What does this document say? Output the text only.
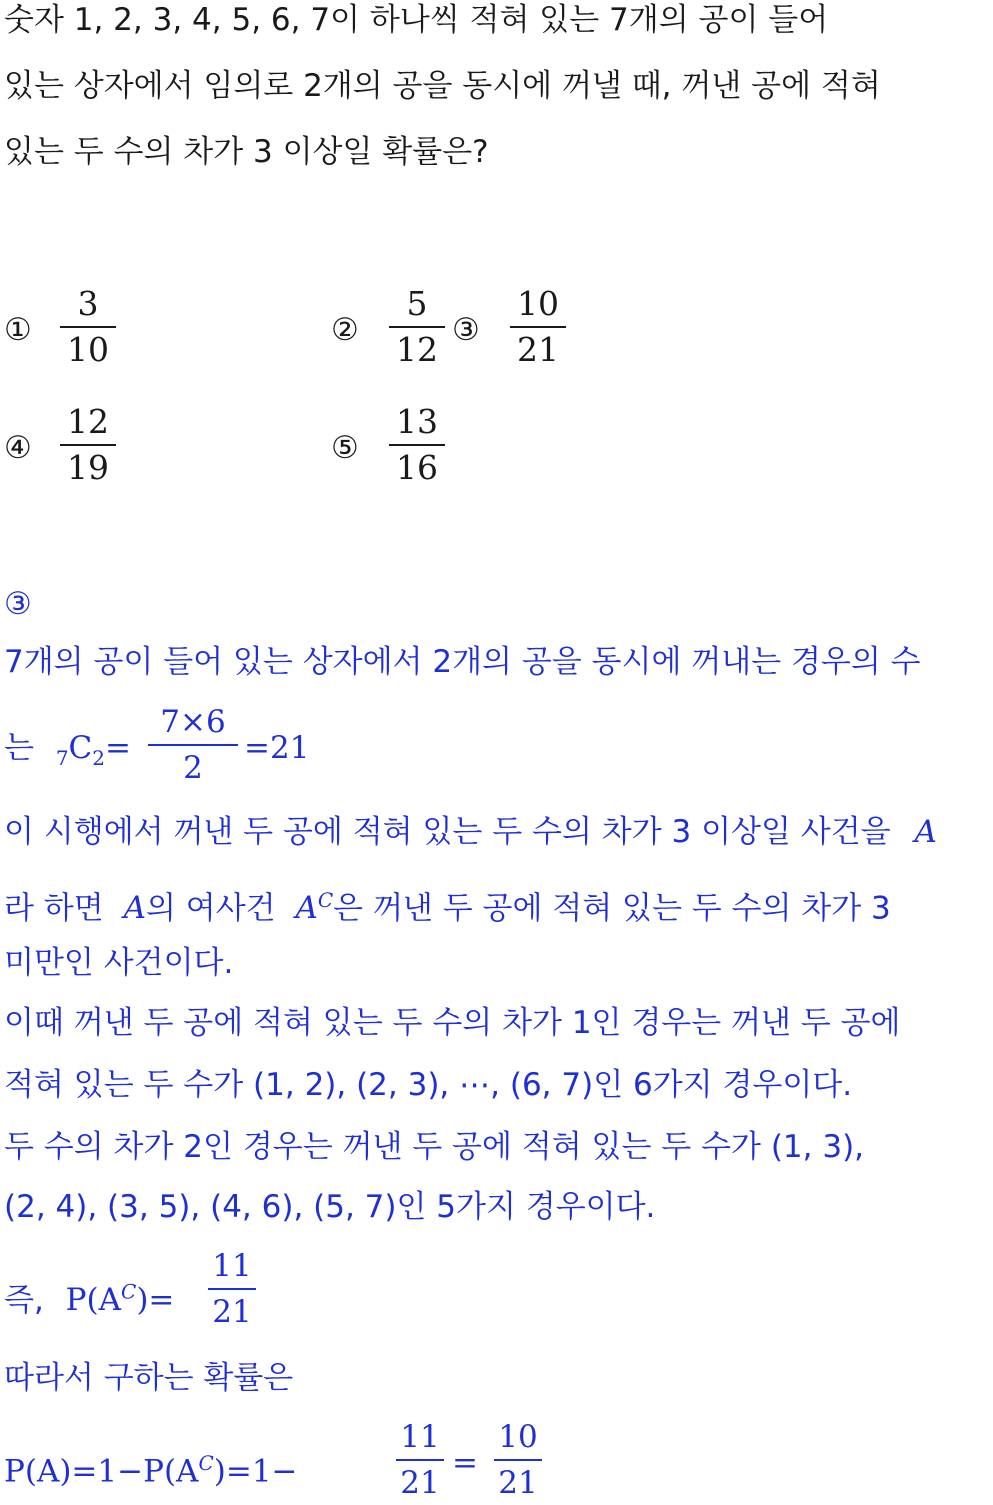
숫자 1, 2, 3, 4, 5, 6, 7이 하나씩 적혀 있는 7개의 공이 들어
있는 상자에서 임의로 2개의 공을 동시에 꺼낼 때, 꺼낸 공에 적혀
있는 두 수의 차가 3 이상일 확률은?
①
3
10	②
5
12 ③
10
21
④
12
19	⑤
13
16
③
7개의 공이 들어 있는 상자에서 2개의 공을 동시에 꺼내는 경우의 수
는 $_7C_2=$
7×6
2
=21
이 시행에서 꺼낸 두 공에 적혀 있는 두 수의 차가 3 이상일 사건을 A
라 하면 A의 여사건 $A^C$은 꺼낸 두 공에 적혀 있는 두 수의 차가 3
미만인 사건이다.
이때 꺼낸 두 공에 적혀 있는 두 수의 차가 1인 경우는 꺼낸 두 공에
적혀 있는 두 수가 (1, 2), (2, 3), ⋯, (6, 7)인 6가지 경우이다.
두 수의 차가 2인 경우는 꺼낸 두 공에 적혀 있는 두 수가 (1, 3),
(2, 4), (3, 5), (4, 6), (5, 7)인 5가지 경우이다.
즉, $P(A^C)=$
11
21
따라서 구하는 확률은
$P(A)=1-P(A^C)=1-$
11
21
=
10
21
